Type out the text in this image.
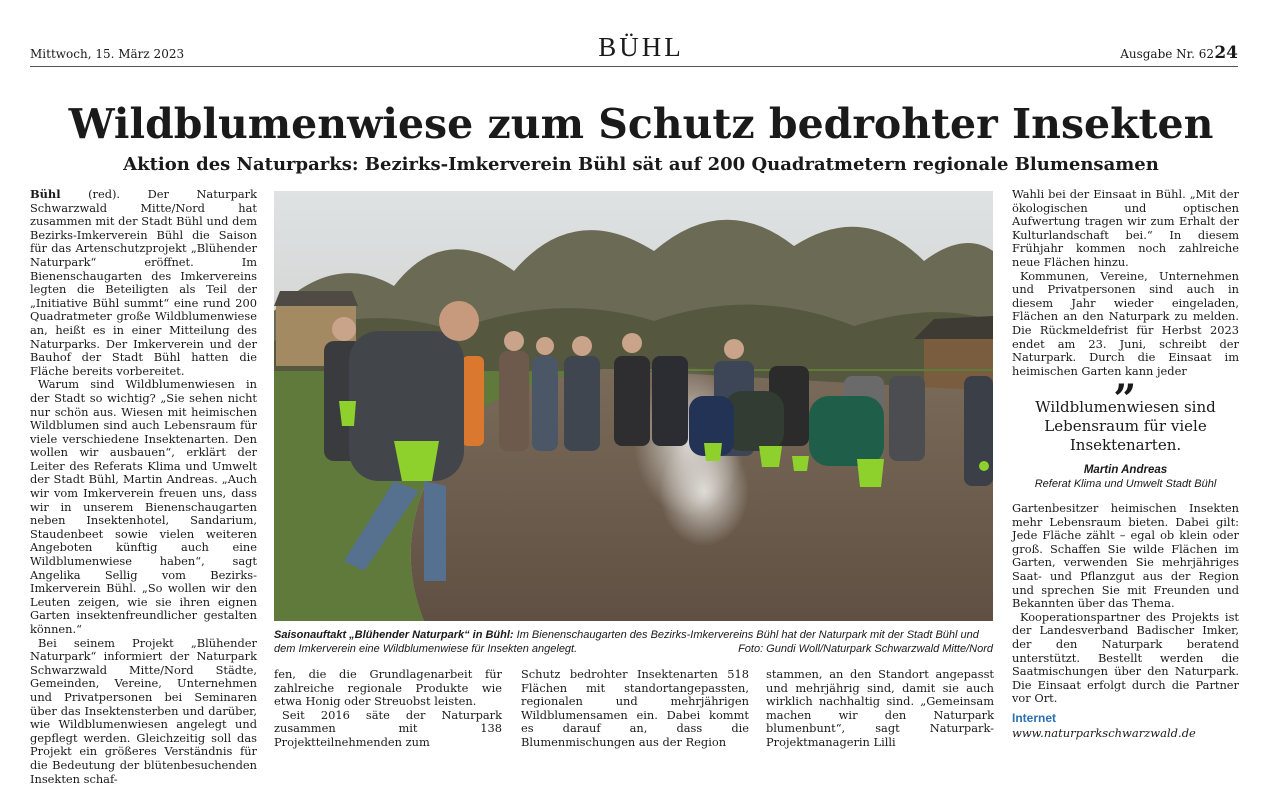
Mittwoch, 15. März 2023	BÜHL	Ausgabe Nr. 62 24
Wildblumenwiese zum Schutz bedrohter Insekten
Aktion des Naturparks: Bezirks-Imkerverein Bühl sät auf 200 Quadratmetern regionale Blumensamen

Bühl (red). Der Naturpark Schwarzwald Mitte/Nord hat zusammen mit der Stadt Bühl und dem Bezirks-Imkerverein Bühl die Saison für das Artenschutzprojekt „Blühender Naturpark“ eröffnet. Im Bienenschaugarten des Imkervereins legten die Beteiligten als Teil der „Initiative Bühl summt“ eine rund 200 Quadratmeter große Wildblumenwiese an, heißt es in einer Mitteilung des Naturparks. Der Imkerverein und der Bauhof der Stadt Bühl hatten die Fläche bereits vorbereitet.

Warum sind Wildblumenwiesen in der Stadt so wichtig? „Sie sehen nicht nur schön aus. Wiesen mit heimischen Wildblumen sind auch Lebensraum für viele verschiedene Insektenarten. Den wollen wir ausbauen“, erklärt der Leiter des Referats Klima und Umwelt der Stadt Bühl, Martin Andreas. „Auch wir vom Imkerverein freuen uns, dass wir in unserem Bienenschaugarten neben Insektenhotel, Sandarium, Staudenbeet sowie vielen weiteren Angeboten künftig auch eine Wildblumenwiese haben“, sagt Angelika Sellig vom Bezirks-Imkerverein Bühl. „So wollen wir den Leuten zeigen, wie sie ihren eignen Garten insektenfreundlicher gestalten können.“

Bei seinem Projekt „Blühender Naturpark“ informiert der Naturpark Schwarzwald Mitte/Nord Städte, Gemeinden, Vereine, Unternehmen und Privatpersonen bei Seminaren über das Insektensterben und darüber, wie Wildblumenwiesen angelegt und gepflegt werden. Gleichzeitig soll das Projekt ein größeres Verständnis für die Bedeutung der blütenbesuchenden Insekten schaf-

Saisonauftakt „Blühender Naturpark“ in Bühl: Im Bienenschaugarten des Bezirks-Imkervereins Bühl hat der Naturpark mit der Stadt Bühl und dem Imkerverein eine Wildblumenwiese für Insekten angelegt.	Foto: Gundi Woll/Naturpark Schwarzwald Mitte/Nord

fen, die die Grundlagenarbeit für zahlreiche regionale Produkte wie etwa Honig oder Streuobst leisten.

Seit 2016 säte der Naturpark zusammen mit 138 Projektteilnehmenden zum

Schutz bedrohter Insektenarten 518 Flächen mit standortangepassten, regionalen und mehrjährigen Wildblumensamen ein. Dabei kommt es darauf an, dass die Blumenmischungen aus der Region

stammen, an den Standort angepasst und mehrjährig sind, damit sie auch wirklich nachhaltig sind. „Gemeinsam machen wir den Naturpark blumenbunt“, sagt Naturpark-Projektmanagerin Lilli

Wahli bei der Einsaat in Bühl. „Mit der ökologischen und optischen Aufwertung tragen wir zum Erhalt der Kulturlandschaft bei.“ In diesem Frühjahr kommen noch zahlreiche neue Flächen hinzu.

Kommunen, Vereine, Unternehmen und Privatpersonen sind auch in diesem Jahr wieder eingeladen, Flächen an den Naturpark zu melden. Die Rückmeldefrist für Herbst 2023 endet am 23. Juni, schreibt der Naturpark. Durch die Einsaat im heimischen Garten kann jeder

„
Wildblumenwiesen sind Lebensraum für viele Insektenarten.
Martin Andreas
Referat Klima und Umwelt Stadt Bühl

Gartenbesitzer heimischen Insekten mehr Lebensraum bieten. Dabei gilt: Jede Fläche zählt – egal ob klein oder groß. Schaffen Sie wilde Flächen im Garten, verwenden Sie mehrjähriges Saat- und Pflanzgut aus der Region und sprechen Sie mit Freunden und Bekannten über das Thema.

Kooperationspartner des Projekts ist der Landesverband Badischer Imker, der den Naturpark beratend unterstützt. Bestellt werden die Saatmischungen über den Naturpark. Die Einsaat erfolgt durch die Partner vor Ort.

Internet
www.naturparkschwarzwald.de
